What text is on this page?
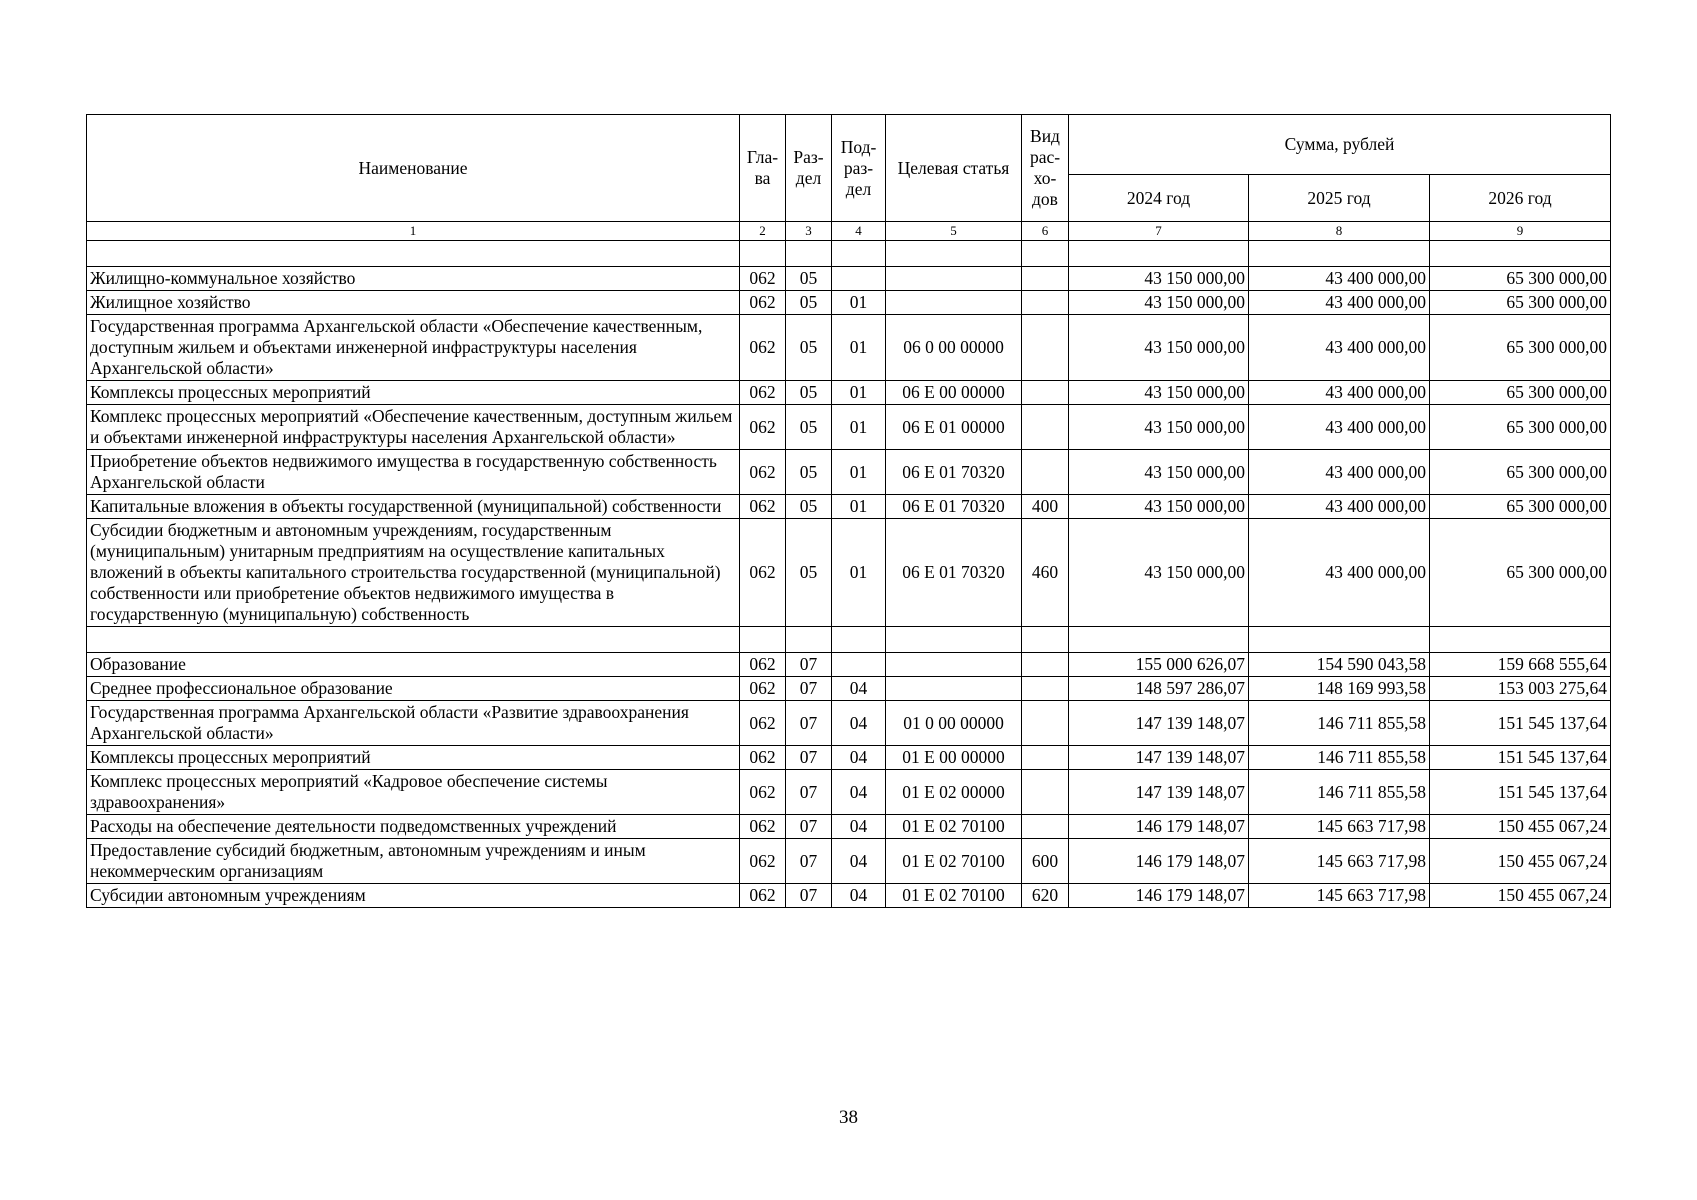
Наименование	Гла-ва	Раз-дел	Под-раз-дел	Целевая статья	Вид рас-хо-дов	Сумма, рублей		
						2024 год	2025 год	2026 год
1	2	3	4	5	6	7	8	9

Жилищно-коммунальное хозяйство	062	05				43 150 000,00	43 400 000,00	65 300 000,00
Жилищное хозяйство	062	05	01			43 150 000,00	43 400 000,00	65 300 000,00
Государственная программа Архангельской области «Обеспечение качественным, доступным жильем и объектами инженерной инфраструктуры населения Архангельской области»	062	05	01	06 0 00 00000		43 150 000,00	43 400 000,00	65 300 000,00
Комплексы процессных мероприятий	062	05	01	06 Е 00 00000		43 150 000,00	43 400 000,00	65 300 000,00
Комплекс процессных мероприятий «Обеспечение качественным, доступным жильем и объектами инженерной инфраструктуры населения Архангельской области»	062	05	01	06 Е 01 00000		43 150 000,00	43 400 000,00	65 300 000,00
Приобретение объектов недвижимого имущества в государственную собственность Архангельской области	062	05	01	06 Е 01 70320		43 150 000,00	43 400 000,00	65 300 000,00
Капитальные вложения в объекты государственной (муниципальной) собственности	062	05	01	06 Е 01 70320	400	43 150 000,00	43 400 000,00	65 300 000,00
Субсидии бюджетным и автономным учреждениям, государственным (муниципальным) унитарным предприятиям на осуществление капитальных вложений в объекты капитального строительства государственной (муниципальной) собственности или приобретение объектов недвижимого имущества в государственную (муниципальную) собственность	062	05	01	06 Е 01 70320	460	43 150 000,00	43 400 000,00	65 300 000,00

Образование	062	07				155 000 626,07	154 590 043,58	159 668 555,64
Среднее профессиональное образование	062	07	04			148 597 286,07	148 169 993,58	153 003 275,64
Государственная программа Архангельской области «Развитие здравоохранения Архангельской области»	062	07	04	01 0 00 00000		147 139 148,07	146 711 855,58	151 545 137,64
Комплексы процессных мероприятий	062	07	04	01 Е 00 00000		147 139 148,07	146 711 855,58	151 545 137,64
Комплекс процессных мероприятий «Кадровое обеспечение системы здравоохранения»	062	07	04	01 Е 02 00000		147 139 148,07	146 711 855,58	151 545 137,64
Расходы на обеспечение деятельности подведомственных учреждений	062	07	04	01 Е 02 70100		146 179 148,07	145 663 717,98	150 455 067,24
Предоставление субсидий бюджетным, автономным учреждениям и иным некоммерческим организациям	062	07	04	01 Е 02 70100	600	146 179 148,07	145 663 717,98	150 455 067,24
Субсидии автономным учреждениям	062	07	04	01 Е 02 70100	620	146 179 148,07	145 663 717,98	150 455 067,24
38
